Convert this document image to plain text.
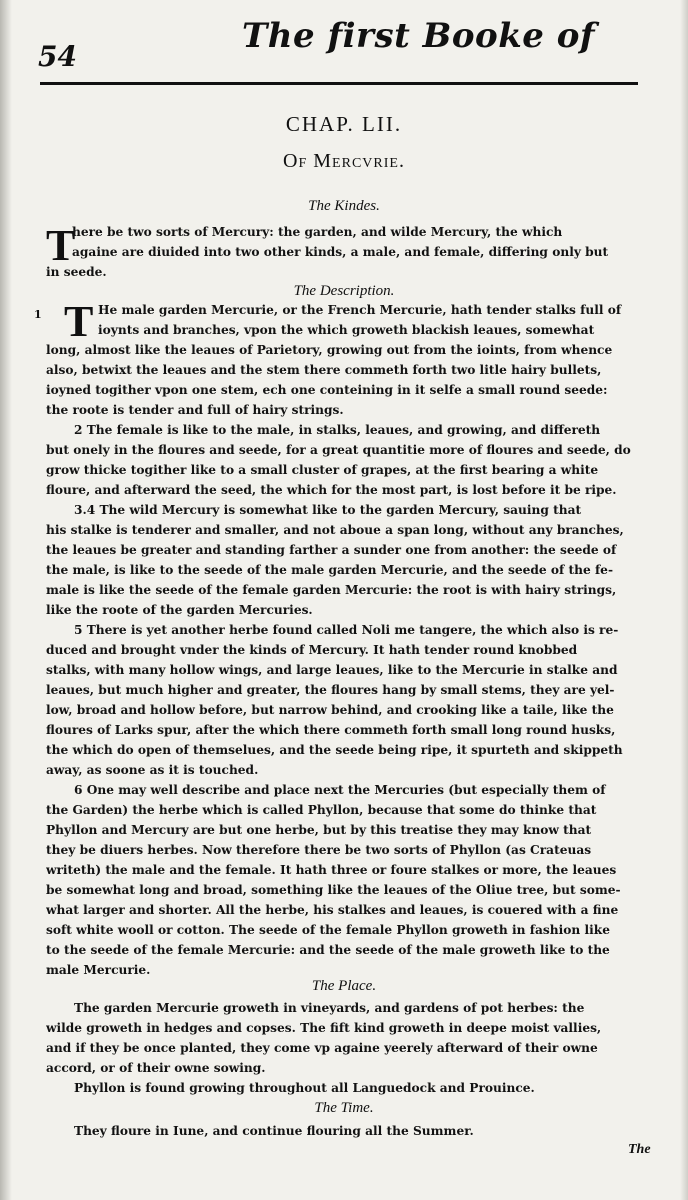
54
The first Booke of
CHAP. LII.
Of Mercvrie.
The Kindes.
T
here be two sorts of Mercury: the garden, and wilde Mercury, the which
againe are diuided into two other kinds, a male, and female, differing only but
in seede.
The Description.
1 T He male garden Mercurie, or the French Mercurie, hath tender stalks full of
ioynts and branches, vpon the which groweth blackish leaues, somewhat
long, almost like the leaues of Parietory, growing out from the ioints, from whence
also, betwixt the leaues and the stem there commeth forth two litle hairy bullets,
ioyned togither vpon one stem, ech one conteining in it selfe a small round seede:
the roote is tender and full of hairy strings.
2 The female is like to the male, in stalks, leaues, and growing, and differeth
but onely in the floures and seede, for a great quantitie more of floures and seede, do
grow thicke togither like to a small cluster of grapes, at the first bearing a white
floure, and afterward the seed, the which for the most part, is lost before it be ripe.
3.4 The wild Mercury is somewhat like to the garden Mercury, sauing that
his stalke is tenderer and smaller, and not aboue a span long, without any branches,
the leaues be greater and standing farther a sunder one from another: the seede of
the male, is like to the seede of the male garden Mercurie, and the seede of the fe-
male is like the seede of the female garden Mercurie: the root is with hairy strings,
like the roote of the garden Mercuries.
5 There is yet another herbe found called Noli me tangere, the which also is re-
duced and brought vnder the kinds of Mercury. It hath tender round knobbed
stalks, with many hollow wings, and large leaues, like to the Mercurie in stalke and
leaues, but much higher and greater, the floures hang by small stems, they are yel-
low, broad and hollow before, but narrow behind, and crooking like a taile, like the
floures of Larks spur, after the which there commeth forth small long round husks,
the which do open of themselues, and the seede being ripe, it spurteth and skippeth
away, as soone as it is touched.
6 One may well describe and place next the Mercuries (but especially them of
the Garden) the herbe which is called Phyllon, because that some do thinke that
Phyllon and Mercury are but one herbe, but by this treatise they may know that
they be diuers herbes. Now therefore there be two sorts of Phyllon (as Crateuas
writeth) the male and the female. It hath three or foure stalkes or more, the leaues
be somewhat long and broad, something like the leaues of the Oliue tree, but some-
what larger and shorter. All the herbe, his stalkes and leaues, is couered with a fine
soft white wooll or cotton. The seede of the female Phyllon groweth in fashion like
to the seede of the female Mercurie: and the seede of the male groweth like to the
male Mercurie.
The Place.
The garden Mercurie groweth in vineyards, and gardens of pot herbes: the
wilde groweth in hedges and copses. The fift kind groweth in deepe moist vallies,
and if they be once planted, they come vp againe yeerely afterward of their owne
accord, or of their owne sowing.
Phyllon is found growing throughout all Languedock and Prouince.
The Time.
They floure in Iune, and continue flouring all the Summer.
The
